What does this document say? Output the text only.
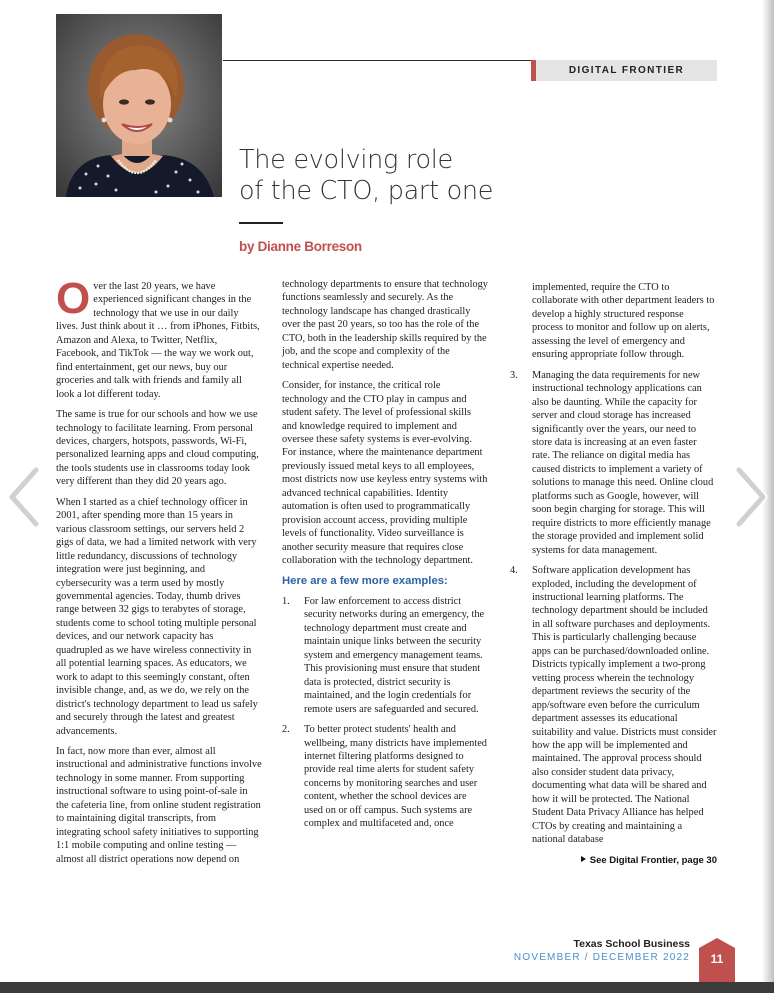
DIGITAL FRONTIER
The evolving role
of the CTO, part one
by Dianne Borreson

Over the last 20 years, we have experienced significant changes in the technology that we use in our daily lives. Just think about it … from iPhones, Fitbits, Amazon and Alexa, to Twitter, Netflix, Facebook, and TikTok — the way we work out, find entertainment, get our news, buy our groceries and talk with friends and family all look a lot different today.

The same is true for our schools and how we use technology to facilitate learning. From personal devices, chargers, hotspots, passwords, Wi-Fi, personalized learning apps and cloud computing, the tools students use in classrooms today look very different than they did 20 years ago.

When I started as a chief technology officer in 2001, after spending more than 15 years in various classroom settings, our servers held 2 gigs of data, we had a limited network with very little redundancy, discussions of technology integration were just beginning, and cybersecurity was a term used by mostly governmental agencies. Today, thumb drives range between 32 gigs to terabytes of storage, students come to school toting multiple personal devices, and our network capacity has quadrupled as we have wireless connectivity in all potential learning spaces. As educators, we work to adapt to this seemingly constant, often invisible change, and, as we do, we rely on the district's technology department to lead us safely and securely through the latest and greatest advancements.

In fact, now more than ever, almost all instructional and administrative functions involve technology in some manner. From supporting instructional software to using point-of-sale in the cafeteria line, from online student registration to maintaining digital transcripts, from integrating school safety initiatives to supporting 1:1 mobile computing and online testing — almost all district operations now depend on

technology departments to ensure that technology functions seamlessly and securely. As the technology landscape has changed drastically over the past 20 years, so too has the role of the CTO, both in the leadership skills required by the job, and the scope and complexity of the technical expertise needed.

Consider, for instance, the critical role technology and the CTO play in campus and student safety. The level of professional skills and knowledge required to implement and oversee these safety systems is ever-evolving. For instance, where the maintenance department previously issued metal keys to all employees, most districts now use keyless entry systems with advanced technical capabilities. Identity automation is often used to programmatically provision account access, providing multiple levels of functionality. Video surveillance is another security measure that requires close collaboration with the technology department.

Here are a few more examples:
1.	For law enforcement to access district security networks during an emergency, the technology department must create and maintain unique links between the security system and emergency management teams. This provisioning must ensure that student data is protected, district security is maintained, and the login credentials for remote users are safeguarded and secured.
2.	To better protect students' health and wellbeing, many districts have implemented internet filtering platforms designed to provide real time alerts for student safety concerns by monitoring searches and user content, whether the school devices are used on or off campus. Such systems are complex and multifaceted and, once
implemented, require the CTO to collaborate with other department leaders to develop a highly structured response process to monitor and follow up on alerts, assessing the level of emergency and ensuring appropriate follow through.
3.	Managing the data requirements for new instructional technology applications can also be daunting. While the capacity for server and cloud storage has increased significantly over the years, our need to store data is increasing at an even faster rate. The reliance on digital media has caused districts to implement a variety of solutions to manage this need. Online cloud platforms such as Google, however, will soon begin charging for storage. This will require districts to more efficiently manage the storage provided and implement solid systems for data management.
4.	Software application development has exploded, including the development of instructional learning platforms. The technology department should be included in all software purchases and deployments. This is particularly challenging because apps can be purchased/downloaded online. Districts typically implement a two-prong vetting process wherein the technology department reviews the security of the app/software even before the curriculum department assesses its educational suitability and value. Districts must consider how the app will be implemented and maintained. The approval process should also consider student data privacy, documenting what data will be shared and how it will be protected. The National Student Data Privacy Alliance has helped CTOs by creating and maintaining a national database
See Digital Frontier, page 30
Texas School Business
NOVEMBER / DECEMBER 2022	11
